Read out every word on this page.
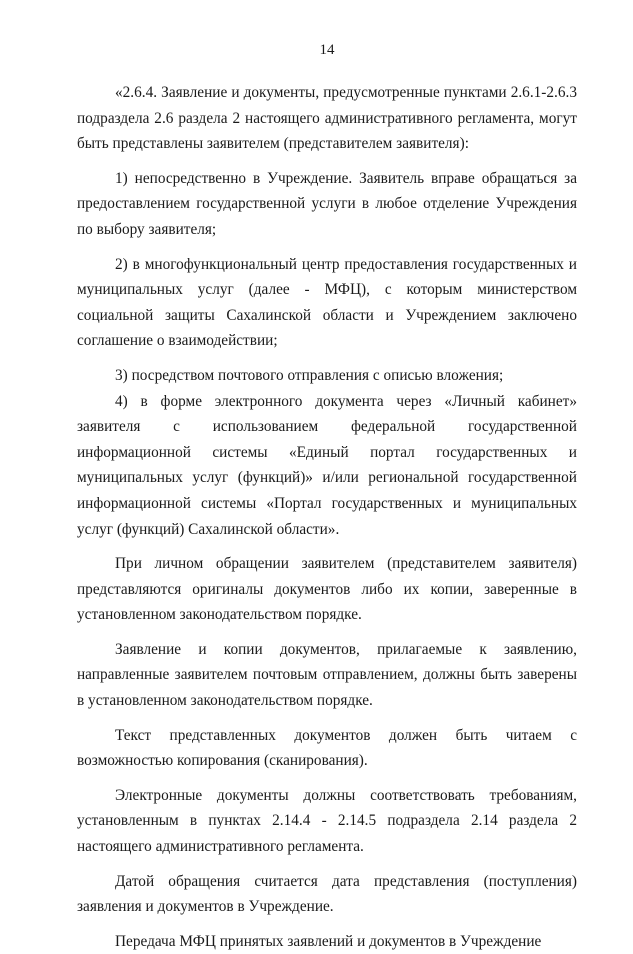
14

«2.6.4. Заявление и документы, предусмотренные пунктами 2.6.1-2.6.3 подраздела 2.6 раздела 2 настоящего административного регламента, могут быть представлены заявителем (представителем заявителя):

1) непосредственно в Учреждение. Заявитель вправе обращаться за предоставлением государственной услуги в любое отделение Учреждения по выбору заявителя;

2) в многофункциональный центр предоставления государственных и муниципальных услуг (далее - МФЦ), с которым министерством социальной защиты Сахалинской области и Учреждением заключено соглашение о взаимодействии;

3) посредством почтового отправления с описью вложения;

4) в форме электронного документа через «Личный кабинет» заявителя с использованием федеральной государственной информационной системы «Единый портал государственных и муниципальных услуг (функций)» и/или региональной государственной информационной системы «Портал государственных и муниципальных услуг (функций) Сахалинской области».

При личном обращении заявителем (представителем заявителя) представляются оригиналы документов либо их копии, заверенные в установленном законодательством порядке.

Заявление и копии документов, прилагаемые к заявлению, направленные заявителем почтовым отправлением, должны быть заверены в установленном законодательством порядке.

Текст представленных документов должен быть читаем с возможностью копирования (сканирования).

Электронные документы должны соответствовать требованиям, установленным в пунктах 2.14.4 - 2.14.5 подраздела 2.14 раздела 2 настоящего административного регламента.

Датой обращения считается дата представления (поступления) заявления и документов в Учреждение.

Передача МФЦ принятых заявлений и документов в Учреждение
